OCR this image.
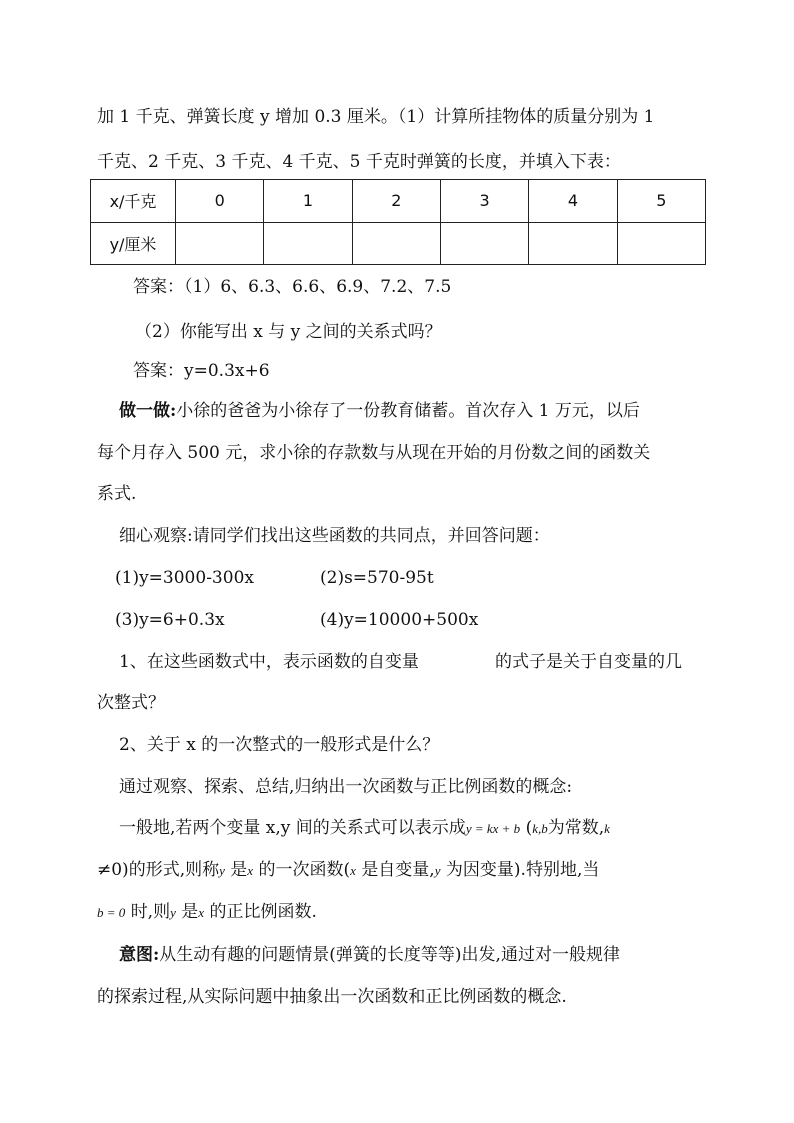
加 1 千克、弹簧长度 y 增加 0.3 厘米。（1）计算所挂物体的质量分别为 1
千克、2 千克、3 千克、4 千克、5 千克时弹簧的长度，并填入下表：
x/千克	0	1	2	3	4	5
y/厘米						
答案：（1）6、6.3、6.6、6.9、7.2、7.5
（2）你能写出 x 与 y 之间的关系式吗？
答案：y=0.3x+6
做一做:小徐的爸爸为小徐存了一份教育储蓄。首次存入 1 万元，以后
每个月存入 500 元，求小徐的存款数与从现在开始的月份数之间的函数关
系式.
细心观察:请同学们找出这些函数的共同点，并回答问题：
(1)y=3000-300x	(2)s=570-95t
(3)y=6+0.3x	(4)y=10000+500x
1、在这些函数式中，表示函数的自变量	的式子是关于自变量的几
次整式？
2、关于 x 的一次整式的一般形式是什么？
通过观察、探索、总结,归纳出一次函数与正比例函数的概念:
一般地,若两个变量 x,y 间的关系式可以表示成y = kx + b (k,b为常数,k
≠0)的形式,则称y 是x 的一次函数(x 是自变量,y 为因变量).特别地,当
b = 0 时,则y 是x 的正比例函数.
意图:从生动有趣的问题情景(弹簧的长度等等)出发,通过对一般规律
的探索过程,从实际问题中抽象出一次函数和正比例函数的概念.
